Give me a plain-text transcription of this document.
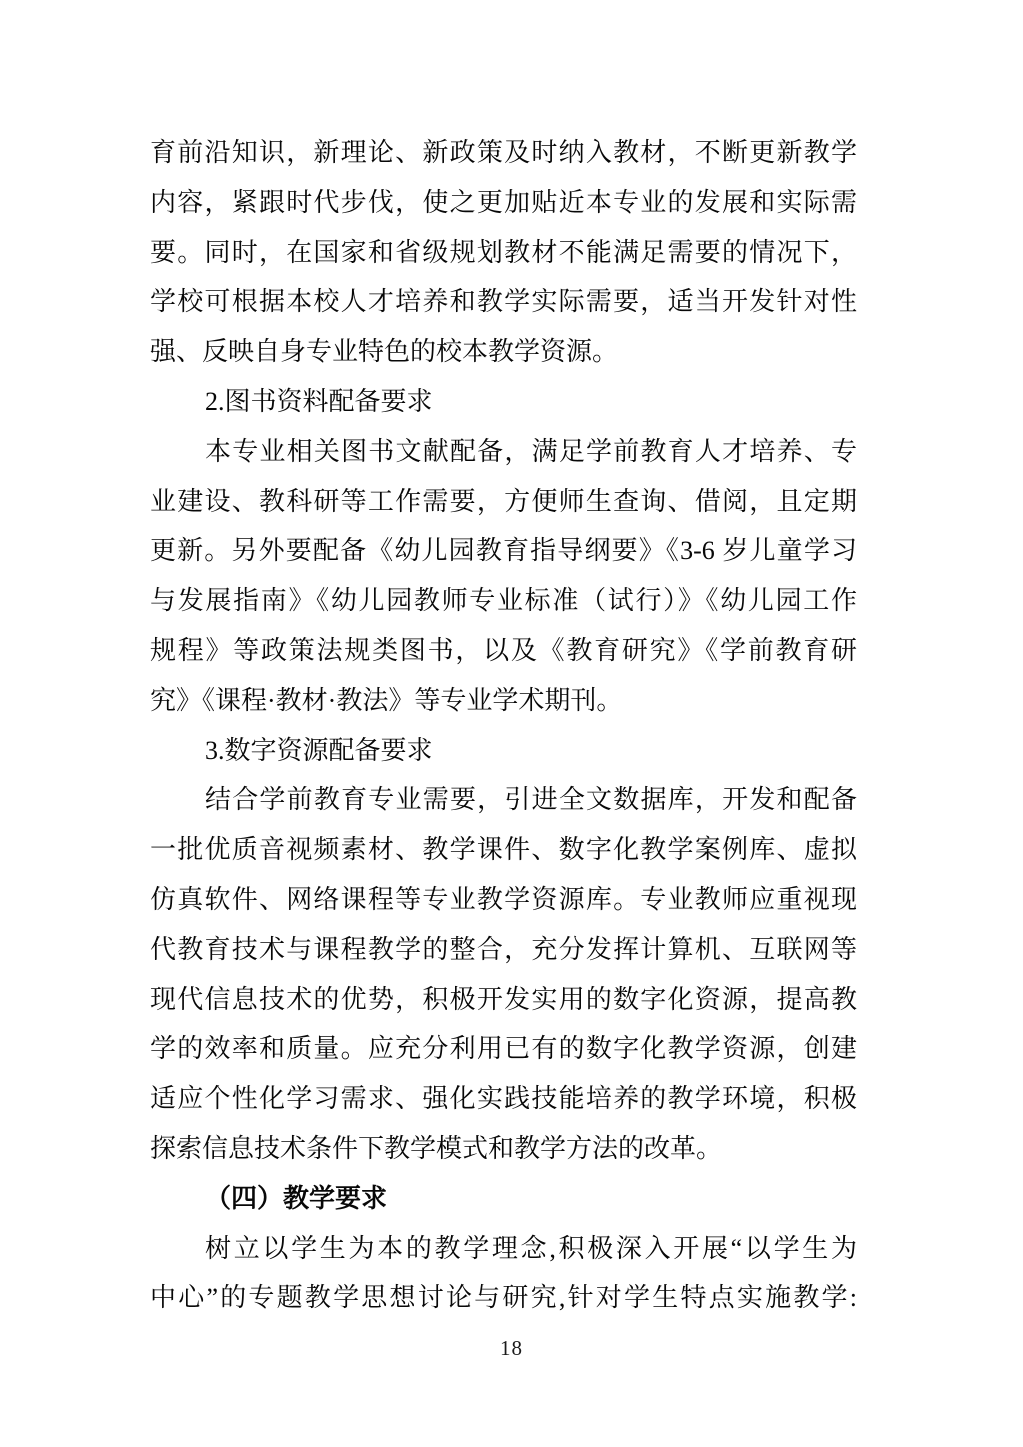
育前沿知识，新理论、新政策及时纳入教材，不断更新教学
内容，紧跟时代步伐，使之更加贴近本专业的发展和实际需
要。同时，在国家和省级规划教材不能满足需要的情况下，
学校可根据本校人才培养和教学实际需要，适当开发针对性
强、反映自身专业特色的校本教学资源。
2.图书资料配备要求
本专业相关图书文献配备，满足学前教育人才培养、专
业建设、教科研等工作需要，方便师生查询、借阅，且定期
更新。另外要配备《幼儿园教育指导纲要》《3-6 岁儿童学习
与发展指南》《幼儿园教师专业标准（试行）》《幼儿园工作
规程》等政策法规类图书，以及《教育研究》《学前教育研
究》《课程·教材·教法》等专业学术期刊。
3.数字资源配备要求
结合学前教育专业需要，引进全文数据库，开发和配备
一批优质音视频素材、教学课件、数字化教学案例库、虚拟
仿真软件、网络课程等专业教学资源库。专业教师应重视现
代教育技术与课程教学的整合，充分发挥计算机、互联网等
现代信息技术的优势，积极开发实用的数字化资源，提高教
学的效率和质量。应充分利用已有的数字化教学资源，创建
适应个性化学习需求、强化实践技能培养的教学环境，积极
探索信息技术条件下教学模式和教学方法的改革。
（四）教学要求
树立以学生为本的教学理念,积极深入开展“以学生为
中心”的专题教学思想讨论与研究,针对学生特点实施教学:
18
